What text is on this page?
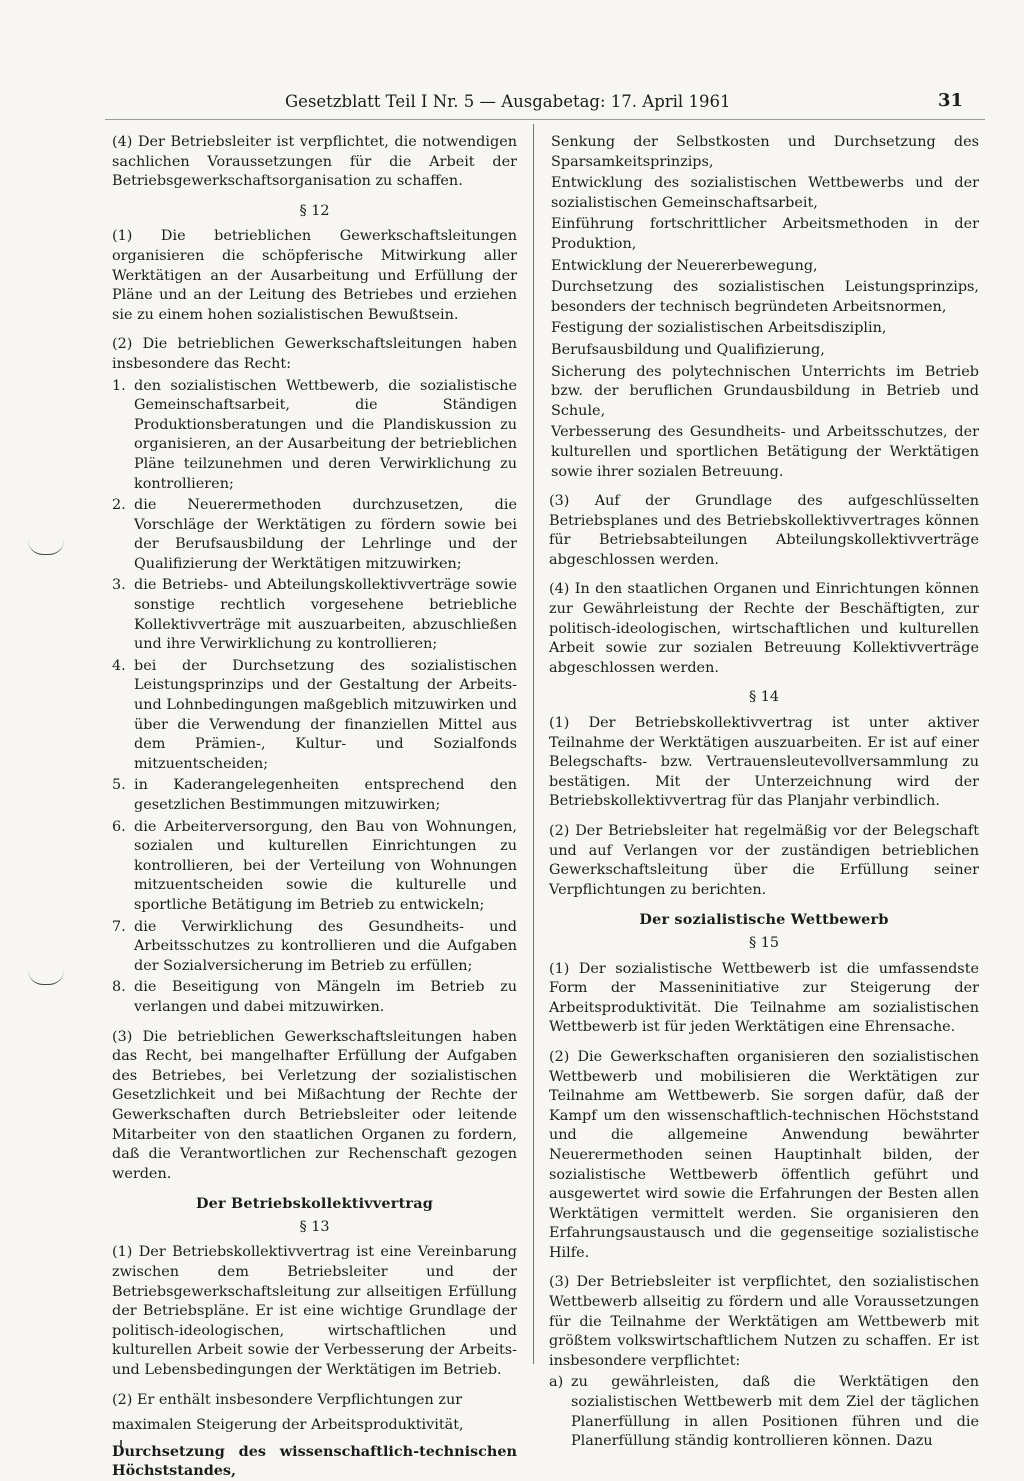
Gesetzblatt Teil I Nr. 5 — Ausgabetag: 17. April 1961	31

(4) Der Betriebsleiter ist verpflichtet, die notwendigen sachlichen Voraussetzungen für die Arbeit der Betriebsgewerkschaftsorganisation zu schaffen.

§ 12

(1) Die betrieblichen Gewerkschaftsleitungen organisieren die schöpferische Mitwirkung aller Werktätigen an der Ausarbeitung und Erfüllung der Pläne und an der Leitung des Betriebes und erziehen sie zu einem hohen sozialistischen Bewußtsein.

(2) Die betrieblichen Gewerkschaftsleitungen haben insbesondere das Recht:

1. den sozialistischen Wettbewerb, die sozialistische Gemeinschaftsarbeit, die Ständigen Produktionsberatungen und die Plandiskussion zu organisieren, an der Ausarbeitung der betrieblichen Pläne teilzunehmen und deren Verwirklichung zu kontrollieren;
2. die Neuerermethoden durchzusetzen, die Vorschläge der Werktätigen zu fördern sowie bei der Berufsausbildung der Lehrlinge und der Qualifizierung der Werktätigen mitzuwirken;
3. die Betriebs- und Abteilungskollektivverträge sowie sonstige rechtlich vorgesehene betriebliche Kollektivverträge mit auszuarbeiten, abzuschließen und ihre Verwirklichung zu kontrollieren;
4. bei der Durchsetzung des sozialistischen Leistungsprinzips und der Gestaltung der Arbeits- und Lohnbedingungen maßgeblich mitzuwirken und über die Verwendung der finanziellen Mittel aus dem Prämien-, Kultur- und Sozialfonds mitzuentscheiden;
5. in Kaderangelegenheiten entsprechend den gesetzlichen Bestimmungen mitzuwirken;
6. die Arbeiterversorgung, den Bau von Wohnungen, sozialen und kulturellen Einrichtungen zu kontrollieren, bei der Verteilung von Wohnungen mitzuentscheiden sowie die kulturelle und sportliche Betätigung im Betrieb zu entwickeln;
7. die Verwirklichung des Gesundheits- und Arbeitsschutzes zu kontrollieren und die Aufgaben der Sozialversicherung im Betrieb zu erfüllen;
8. die Beseitigung von Mängeln im Betrieb zu verlangen und dabei mitzuwirken.

(3) Die betrieblichen Gewerkschaftsleitungen haben das Recht, bei mangelhafter Erfüllung der Aufgaben des Betriebes, bei Verletzung der sozialistischen Gesetzlichkeit und bei Mißachtung der Rechte der Gewerkschaften durch Betriebsleiter oder leitende Mitarbeiter von den staatlichen Organen zu fordern, daß die Verantwortlichen zur Rechenschaft gezogen werden.

Der Betriebskollektivvertrag
§ 13

(1) Der Betriebskollektivvertrag ist eine Vereinbarung zwischen dem Betriebsleiter und der Betriebsgewerkschaftsleitung zur allseitigen Erfüllung der Betriebspläne. Er ist eine wichtige Grundlage der politisch-ideologischen, wirtschaftlichen und kulturellen Arbeit sowie der Verbesserung der Arbeits- und Lebensbedingungen der Werktätigen im Betrieb.

(2) Er enthält insbesondere Verpflichtungen zur
maximalen Steigerung der Arbeitsproduktivität,
Durchsetzung des wissenschaftlich-technischen Höchststandes,
Senkung der Selbstkosten und Durchsetzung des Sparsamkeitsprinzips,
Entwicklung des sozialistischen Wettbewerbs und der sozialistischen Gemeinschaftsarbeit,
Einführung fortschrittlicher Arbeitsmethoden in der Produktion,
Entwicklung der Neuererbewegung,
Durchsetzung des sozialistischen Leistungsprinzips, besonders der technisch begründeten Arbeitsnormen,
Festigung der sozialistischen Arbeitsdisziplin,
Berufsausbildung und Qualifizierung,
Sicherung des polytechnischen Unterrichts im Betrieb bzw. der beruflichen Grundausbildung in Betrieb und Schule,
Verbesserung des Gesundheits- und Arbeitsschutzes, der kulturellen und sportlichen Betätigung der Werktätigen sowie ihrer sozialen Betreuung.

(3) Auf der Grundlage des aufgeschlüsselten Betriebsplanes und des Betriebskollektivvertrages können für Betriebsabteilungen Abteilungskollektivverträge abgeschlossen werden.

(4) In den staatlichen Organen und Einrichtungen können zur Gewährleistung der Rechte der Beschäftigten, zur politisch-ideologischen, wirtschaftlichen und kulturellen Arbeit sowie zur sozialen Betreuung Kollektivverträge abgeschlossen werden.

§ 14

(1) Der Betriebskollektivvertrag ist unter aktiver Teilnahme der Werktätigen auszuarbeiten. Er ist auf einer Belegschafts- bzw. Vertrauensleutevollversammlung zu bestätigen. Mit der Unterzeichnung wird der Betriebskollektivvertrag für das Planjahr verbindlich.

(2) Der Betriebsleiter hat regelmäßig vor der Belegschaft und auf Verlangen vor der zuständigen betrieblichen Gewerkschaftsleitung über die Erfüllung seiner Verpflichtungen zu berichten.

Der sozialistische Wettbewerb
§ 15

(1) Der sozialistische Wettbewerb ist die umfassendste Form der Masseninitiative zur Steigerung der Arbeitsproduktivität. Die Teilnahme am sozialistischen Wettbewerb ist für jeden Werktätigen eine Ehrensache.

(2) Die Gewerkschaften organisieren den sozialistischen Wettbewerb und mobilisieren die Werktätigen zur Teilnahme am Wettbewerb. Sie sorgen dafür, daß der Kampf um den wissenschaftlich-technischen Höchststand und die allgemeine Anwendung bewährter Neuerermethoden seinen Hauptinhalt bilden, der sozialistische Wettbewerb öffentlich geführt und ausgewertet wird sowie die Erfahrungen der Besten allen Werktätigen vermittelt werden. Sie organisieren den Erfahrungsaustausch und die gegenseitige sozialistische Hilfe.

(3) Der Betriebsleiter ist verpflichtet, den sozialistischen Wettbewerb allseitig zu fördern und alle Voraussetzungen für die Teilnahme der Werktätigen am Wettbewerb mit größtem volkswirtschaftlichem Nutzen zu schaffen. Er ist insbesondere verpflichtet:

a) zu gewährleisten, daß die Werktätigen den sozialistischen Wettbewerb mit dem Ziel der täglichen Planerfüllung in allen Positionen führen und die Planerfüllung ständig kontrollieren können. Dazu
